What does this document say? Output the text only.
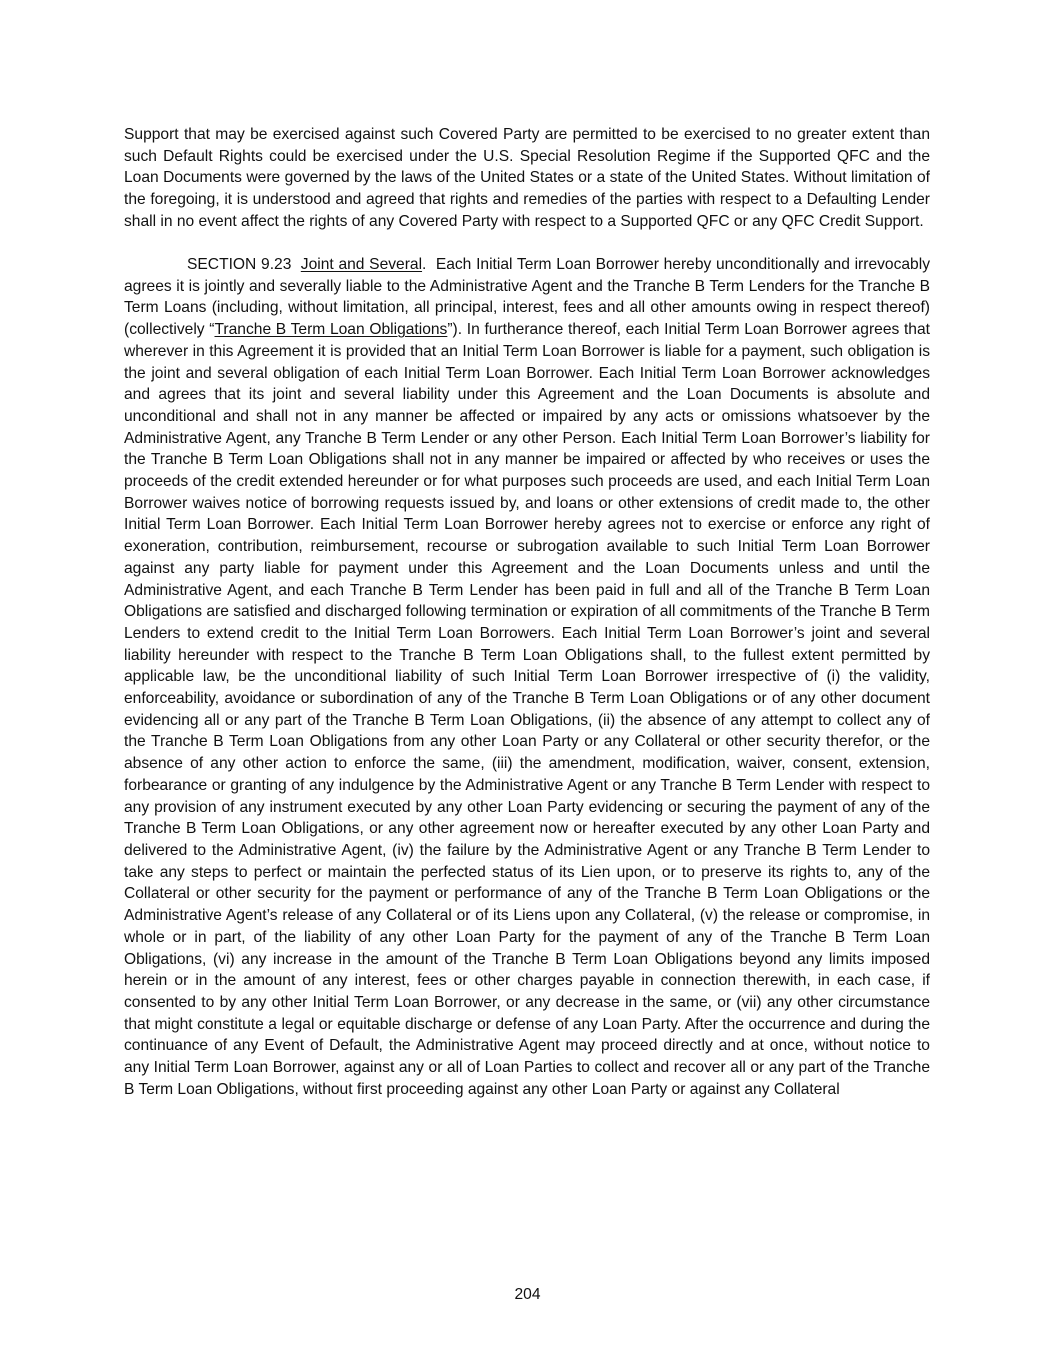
Support that may be exercised against such Covered Party are permitted to be exercised to no greater extent than such Default Rights could be exercised under the U.S. Special Resolution Regime if the Supported QFC and the Loan Documents were governed by the laws of the United States or a state of the United States. Without limitation of the foregoing, it is understood and agreed that rights and remedies of the parties with respect to a Defaulting Lender shall in no event affect the rights of any Covered Party with respect to a Supported QFC or any QFC Credit Support.

SECTION 9.23 Joint and Several. Each Initial Term Loan Borrower hereby unconditionally and irrevocably agrees it is jointly and severally liable to the Administrative Agent and the Tranche B Term Lenders for the Tranche B Term Loans (including, without limitation, all principal, interest, fees and all other amounts owing in respect thereof) (collectively “Tranche B Term Loan Obligations”). In furtherance thereof, each Initial Term Loan Borrower agrees that wherever in this Agreement it is provided that an Initial Term Loan Borrower is liable for a payment, such obligation is the joint and several obligation of each Initial Term Loan Borrower. Each Initial Term Loan Borrower acknowledges and agrees that its joint and several liability under this Agreement and the Loan Documents is absolute and unconditional and shall not in any manner be affected or impaired by any acts or omissions whatsoever by the Administrative Agent, any Tranche B Term Lender or any other Person. Each Initial Term Loan Borrower’s liability for the Tranche B Term Loan Obligations shall not in any manner be impaired or affected by who receives or uses the proceeds of the credit extended hereunder or for what purposes such proceeds are used, and each Initial Term Loan Borrower waives notice of borrowing requests issued by, and loans or other extensions of credit made to, the other Initial Term Loan Borrower. Each Initial Term Loan Borrower hereby agrees not to exercise or enforce any right of exoneration, contribution, reimbursement, recourse or subrogation available to such Initial Term Loan Borrower against any party liable for payment under this Agreement and the Loan Documents unless and until the Administrative Agent, and each Tranche B Term Lender has been paid in full and all of the Tranche B Term Loan Obligations are satisfied and discharged following termination or expiration of all commitments of the Tranche B Term Lenders to extend credit to the Initial Term Loan Borrowers. Each Initial Term Loan Borrower’s joint and several liability hereunder with respect to the Tranche B Term Loan Obligations shall, to the fullest extent permitted by applicable law, be the unconditional liability of such Initial Term Loan Borrower irrespective of (i) the validity, enforceability, avoidance or subordination of any of the Tranche B Term Loan Obligations or of any other document evidencing all or any part of the Tranche B Term Loan Obligations, (ii) the absence of any attempt to collect any of the Tranche B Term Loan Obligations from any other Loan Party or any Collateral or other security therefor, or the absence of any other action to enforce the same, (iii) the amendment, modification, waiver, consent, extension, forbearance or granting of any indulgence by the Administrative Agent or any Tranche B Term Lender with respect to any provision of any instrument executed by any other Loan Party evidencing or securing the payment of any of the Tranche B Term Loan Obligations, or any other agreement now or hereafter executed by any other Loan Party and delivered to the Administrative Agent, (iv) the failure by the Administrative Agent or any Tranche B Term Lender to take any steps to perfect or maintain the perfected status of its Lien upon, or to preserve its rights to, any of the Collateral or other security for the payment or performance of any of the Tranche B Term Loan Obligations or the Administrative Agent’s release of any Collateral or of its Liens upon any Collateral, (v) the release or compromise, in whole or in part, of the liability of any other Loan Party for the payment of any of the Tranche B Term Loan Obligations, (vi) any increase in the amount of the Tranche B Term Loan Obligations beyond any limits imposed herein or in the amount of any interest, fees or other charges payable in connection therewith, in each case, if consented to by any other Initial Term Loan Borrower, or any decrease in the same, or (vii) any other circumstance that might constitute a legal or equitable discharge or defense of any Loan Party. After the occurrence and during the continuance of any Event of Default, the Administrative Agent may proceed directly and at once, without notice to any Initial Term Loan Borrower, against any or all of Loan Parties to collect and recover all or any part of the Tranche B Term Loan Obligations, without first proceeding against any other Loan Party or against any Collateral

204
